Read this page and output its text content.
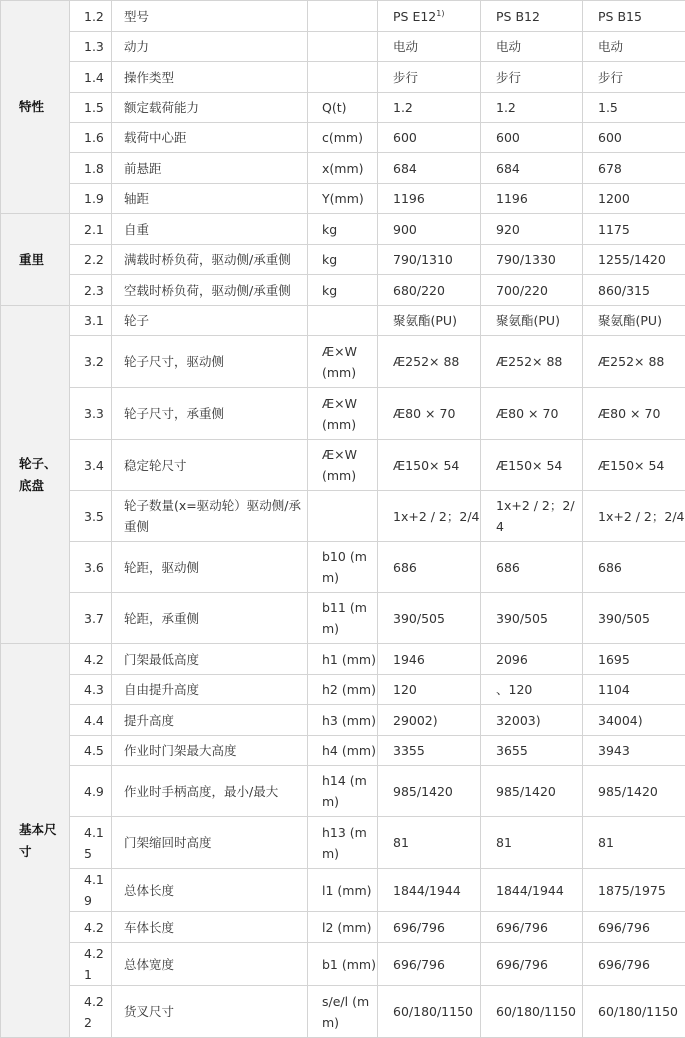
特性	1.2	型号		PS E12$^{1)}$	PS B12	PS B15
	1.3	动力		电动	电动	电动
	1.4	操作类型		步行	步行	步行
	1.5	额定载荷能力	Q(t)	1.2	1.2	1.5
	1.6	载荷中心距	c(mm)	600	600	600
	1.8	前悬距	x(mm)	684	684	678
	1.9	轴距	Y(mm)	1196	1196	1200
重里	2.1	自重	kg	900	920	1175
	2.2	满载时桥负荷，驱动侧/承重侧	kg	790/1310	790/1330	1255/1420
	2.3	空载时桥负荷，驱动侧/承重侧	kg	680/220	700/220	860/315
轮子、底盘	3.1	轮子		聚氨酯(PU)	聚氨酯(PU)	聚氨酯(PU)
	3.2	轮子尺寸，驱动侧	Æ×W (mm)	Æ252× 88	Æ252× 88	Æ252× 88
	3.3	轮子尺寸，承重侧	Æ×W (mm)	Æ80 × 70	Æ80 × 70	Æ80 × 70
	3.4	稳定轮尺寸	Æ×W (mm)	Æ150× 54	Æ150× 54	Æ150× 54
	3.5	轮子数量(x=驱动轮）驱动侧/承重侧		1x+2 / 2；2/4	1x+2 / 2；2/4	1x+2 / 2；2/4
	3.6	轮距，驱动侧	b10 (mm)	686	686	686
	3.7	轮距，承重侧	b11 (mm)	390/505	390/505	390/505
基本尺寸	4.2	门架最低高度	h1 (mm)	1946	2096	1695
	4.3	自由提升高度	h2 (mm)	120	、120	1104
	4.4	提升高度	h3 (mm)	29002)	32003)	34004)
	4.5	作业时门架最大高度	h4 (mm)	3355	3655	3943
	4.9	作业时手柄高度，最小/最大	h14 (mm)	985/1420	985/1420	985/1420
	4.15	门架缩回时高度	h13 (mm)	81	81	81
	4.19	总体长度	l1 (mm)	1844/1944	1844/1944	1875/1975
	4.2	车体长度	l2 (mm)	696/796	696/796	696/796
	4.21	总体宽度	b1 (mm)	696/796	696/796	696/796
	4.22	货叉尺寸	s/e/l (mm)	60/180/1150	60/180/1150	60/180/1150
